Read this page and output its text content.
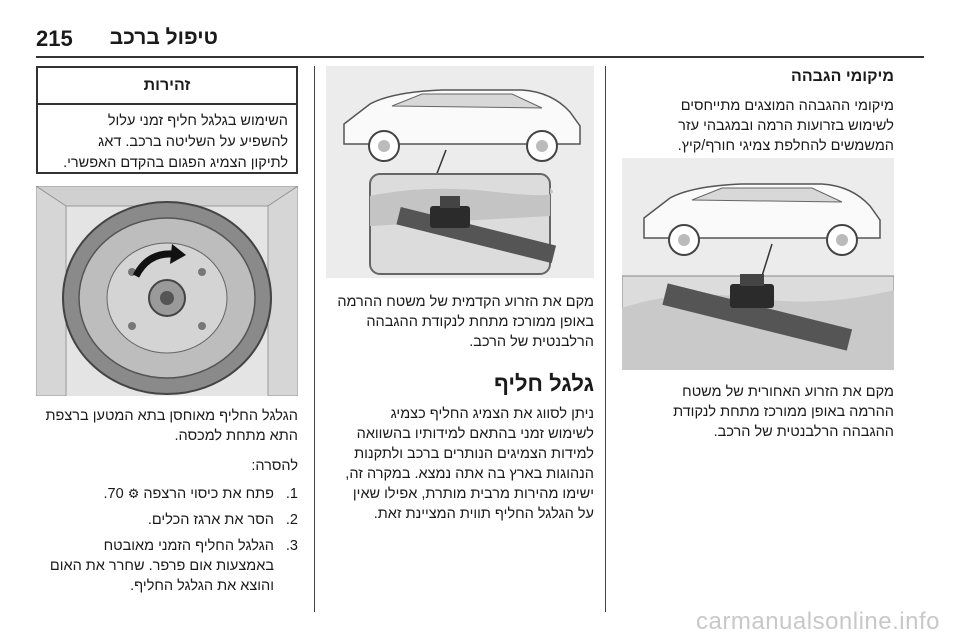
215 טיפול ברכב
מיקומי הגבהה

מיקומי ההגבהה המוצגים מתייחסים

לשימוש בזרועות הרמה ובמגבהי עזר

המשמשים להחלפת צמיגי חורף/קיץ.

מקם את הזרוע האחורית של משטח

ההרמה באופן ממורכז מתחת לנקודת

ההגבהה הרלבנטית של הרכב.

מקם את הזרוע הקדמית של משטח ההרמה

באופן ממורכז מתחת לנקודת ההגבהה

הרלבנטית של הרכב.

גלגל חליף

ניתן לסווג את הצמיג החליף כצמיג

לשימוש זמני בהתאם למידותיו בהשוואה

למידות הצמיגים הנותרים ברכב ולתקנות

הנהוגות בארץ בה אתה נמצא. במקרה זה,

ישימו מהירות מרבית מותרת, אפילו שאין

על הגלגל החליף תווית המציינת זאת.

זהירות
השימוש בגלגל חליף זמני עלול
להשפיע על השליטה ברכב. דאג
לתיקון הצמיג הפגום בהקדם האפשרי.

הגלגל החליף מאוחסן בתא המטען ברצפת

התא מתחת למכסה.

להסרה:

1.
פתח את כיסוי הרצפה ⚙ 70.
2.
הסר את ארגז הכלים.
3.
הגלגל החליף הזמני מאובטח
באמצעות אום פרפר. שחרר את האום
והוצא את הגלגל החליף.
carmanualsonline.info
